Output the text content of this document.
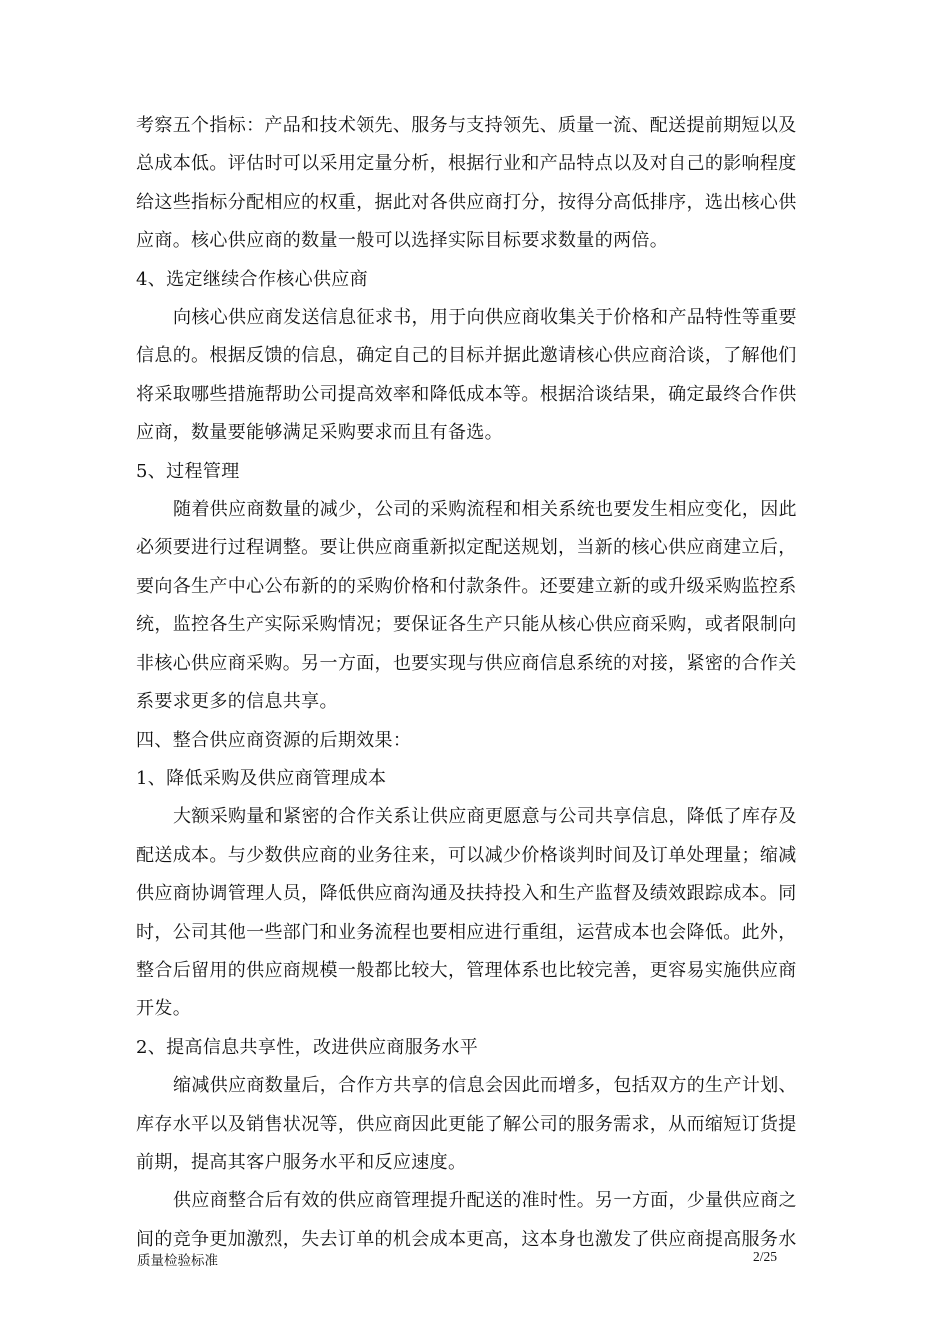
考察五个指标：产品和技术领先、服务与支持领先、质量一流、配送提前期短以及
总成本低。评估时可以采用定量分析，根据行业和产品特点以及对自己的影响程度
给这些指标分配相应的权重，据此对各供应商打分，按得分高低排序，选出核心供
应商。核心供应商的数量一般可以选择实际目标要求数量的两倍。
4、选定继续合作核心供应商
向核心供应商发送信息征求书，用于向供应商收集关于价格和产品特性等重要
信息的。根据反馈的信息，确定自己的目标并据此邀请核心供应商洽谈，了解他们
将采取哪些措施帮助公司提高效率和降低成本等。根据洽谈结果，确定最终合作供
应商，数量要能够满足采购要求而且有备选。
5、过程管理
随着供应商数量的减少，公司的采购流程和相关系统也要发生相应变化，因此
必须要进行过程调整。要让供应商重新拟定配送规划，当新的核心供应商建立后，
要向各生产中心公布新的的采购价格和付款条件。还要建立新的或升级采购监控系
统，监控各生产实际采购情况；要保证各生产只能从核心供应商采购，或者限制向
非核心供应商采购。另一方面，也要实现与供应商信息系统的对接，紧密的合作关
系要求更多的信息共享。
四、整合供应商资源的后期效果：
1、降低采购及供应商管理成本
大额采购量和紧密的合作关系让供应商更愿意与公司共享信息，降低了库存及
配送成本。与少数供应商的业务往来，可以减少价格谈判时间及订单处理量；缩减
供应商协调管理人员，降低供应商沟通及扶持投入和生产监督及绩效跟踪成本。同
时，公司其他一些部门和业务流程也要相应进行重组，运营成本也会降低。此外，
整合后留用的供应商规模一般都比较大，管理体系也比较完善，更容易实施供应商
开发。
2、提高信息共享性，改进供应商服务水平
缩减供应商数量后，合作方共享的信息会因此而增多，包括双方的生产计划、
库存水平以及销售状况等，供应商因此更能了解公司的服务需求，从而缩短订货提
前期，提高其客户服务水平和反应速度。
供应商整合后有效的供应商管理提升配送的准时性。另一方面，少量供应商之
间的竞争更加激烈，失去订单的机会成本更高，这本身也激发了供应商提高服务水
质量检验标准	2/25
